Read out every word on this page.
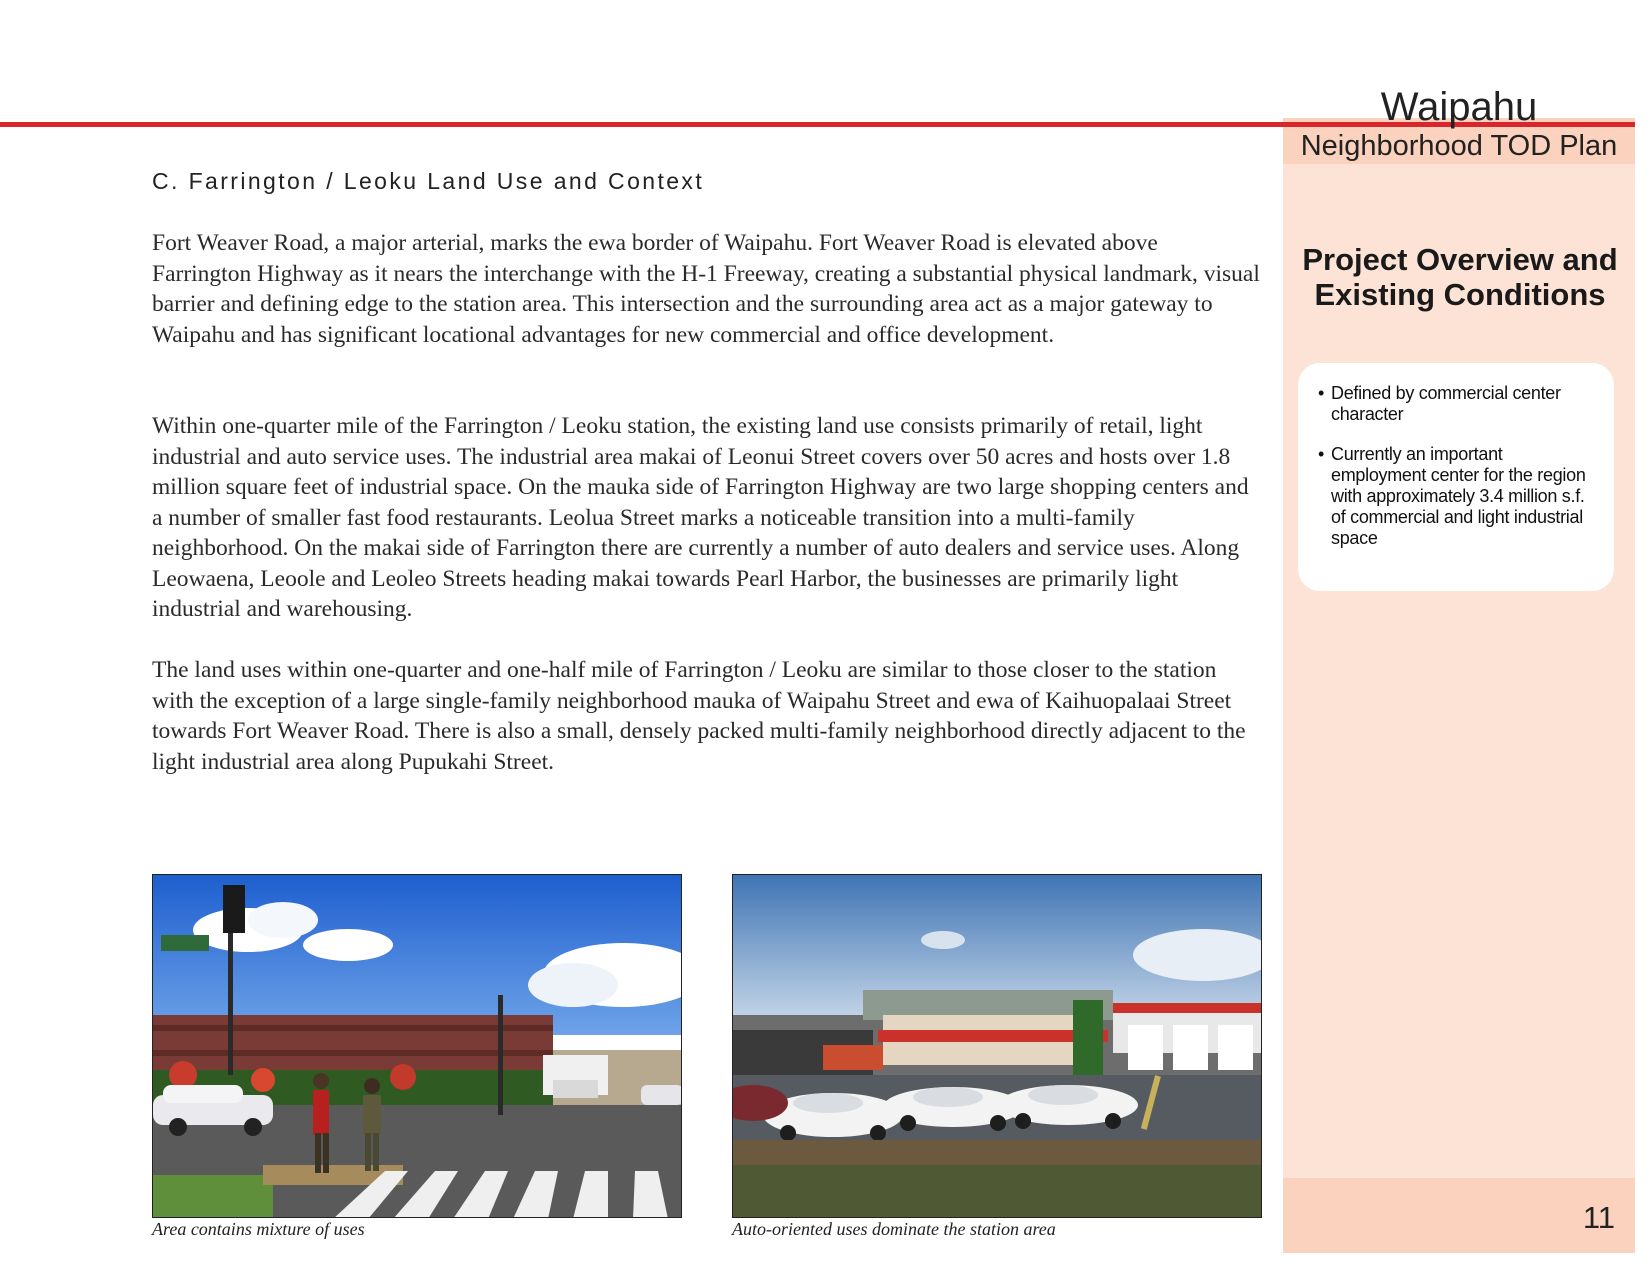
Waipahu
Neighborhood TOD Plan
Project Overview and Existing Conditions
• Defined by commercial center character
• Currently an important employment center for the region with approximately 3.4 million s.f. of commercial and light industrial space
11
C. Farrington / Leoku Land Use and Context

Fort Weaver Road, a major arterial, marks the ewa border of Waipahu. Fort Weaver Road is elevated above Farrington Highway as it nears the interchange with the H-1 Freeway, creating a substantial physical landmark, visual barrier and defining edge to the station area. This intersection and the surrounding area act as a major gateway to Waipahu and has significant locational advantages for new commercial and office development.

Within one-quarter mile of the Farrington / Leoku station, the existing land use consists primarily of retail, light industrial and auto service uses. The industrial area makai of Leonui Street covers over 50 acres and hosts over 1.8 million square feet of industrial space. On the mauka side of Farrington Highway are two large shopping centers and a number of smaller fast food restaurants. Leolua Street marks a noticeable transition into a multi-family neighborhood. On the makai side of Farrington there are currently a number of auto dealers and service uses. Along Leowaena, Leoole and Leoleo Streets heading makai towards Pearl Harbor, the businesses are primarily light industrial and warehousing.

The land uses within one-quarter and one-half mile of Farrington / Leoku are similar to those closer to the station with the exception of a large single-family neighborhood mauka of Waipahu Street and ewa of Kaihuopalaai Street towards Fort Weaver Road. There is also a small, densely packed multi-family neighborhood directly adjacent to the light industrial area along Pupukahi Street.

Area contains mixture of uses	Auto-oriented uses dominate the station area
